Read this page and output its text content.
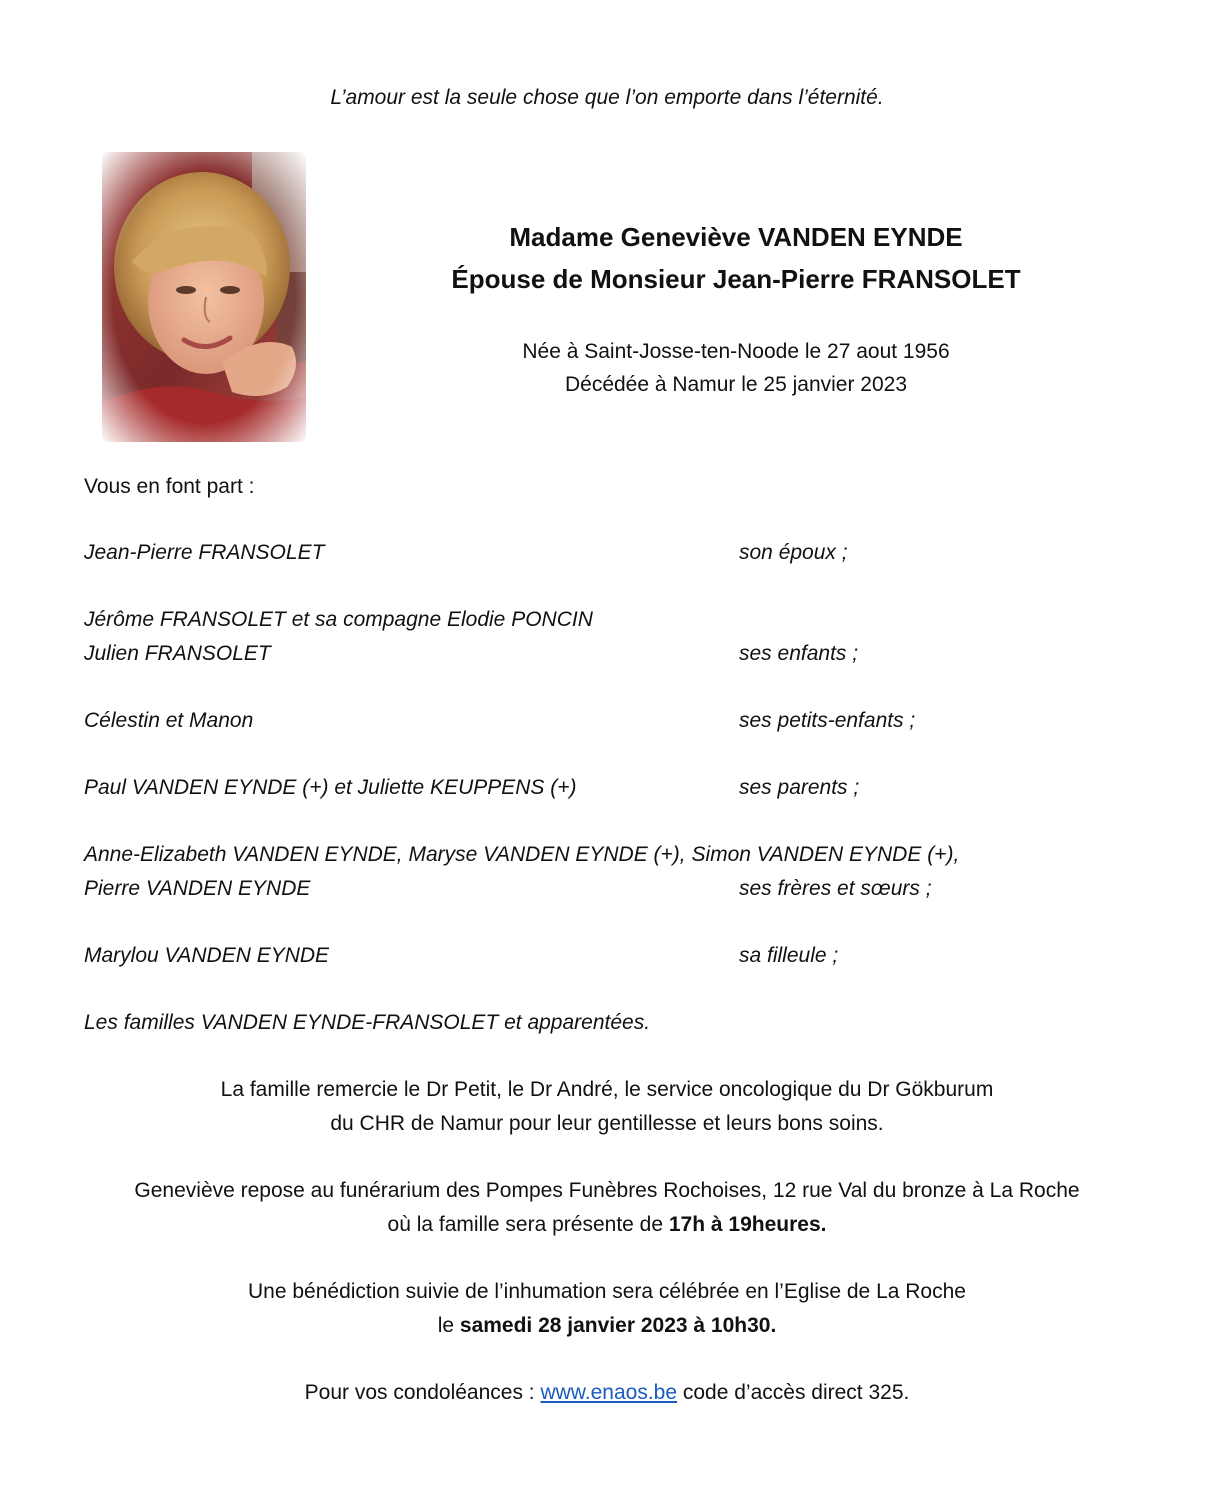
L’amour est la seule chose que l’on emporte dans l’éternité.
Madame Geneviève VANDEN EYNDE
Épouse de Monsieur Jean-Pierre FRANSOLET
Née à Saint-Josse-ten-Noode le 27 aout 1956
Décédée à Namur le 25 janvier 2023
Vous en font part :
Jean-Pierre FRANSOLET	son époux ;
Jérôme FRANSOLET et sa compagne Elodie PONCIN
Julien FRANSOLET	ses enfants ;
Célestin et Manon	ses petits-enfants ;
Paul VANDEN EYNDE (+) et Juliette KEUPPENS (+)	ses parents ;
Anne-Elizabeth VANDEN EYNDE, Maryse VANDEN EYNDE (+), Simon VANDEN EYNDE (+),
Pierre VANDEN EYNDE	ses frères et sœurs ;
Marylou VANDEN EYNDE	sa filleule ;
Les familles VANDEN EYNDE-FRANSOLET et apparentées.
La famille remercie le Dr Petit, le Dr André, le service oncologique du Dr Gökburum
du CHR de Namur pour leur gentillesse et leurs bons soins.
Geneviève repose au funérarium des Pompes Funèbres Rochoises, 12 rue Val du bronze à La Roche
où la famille sera présente de 17h à 19heures.
Une bénédiction suivie de l’inhumation sera célébrée en l’Eglise de La Roche
le samedi 28 janvier 2023 à 10h30.
Pour vos condoléances : www.enaos.be code d’accès direct 325.
